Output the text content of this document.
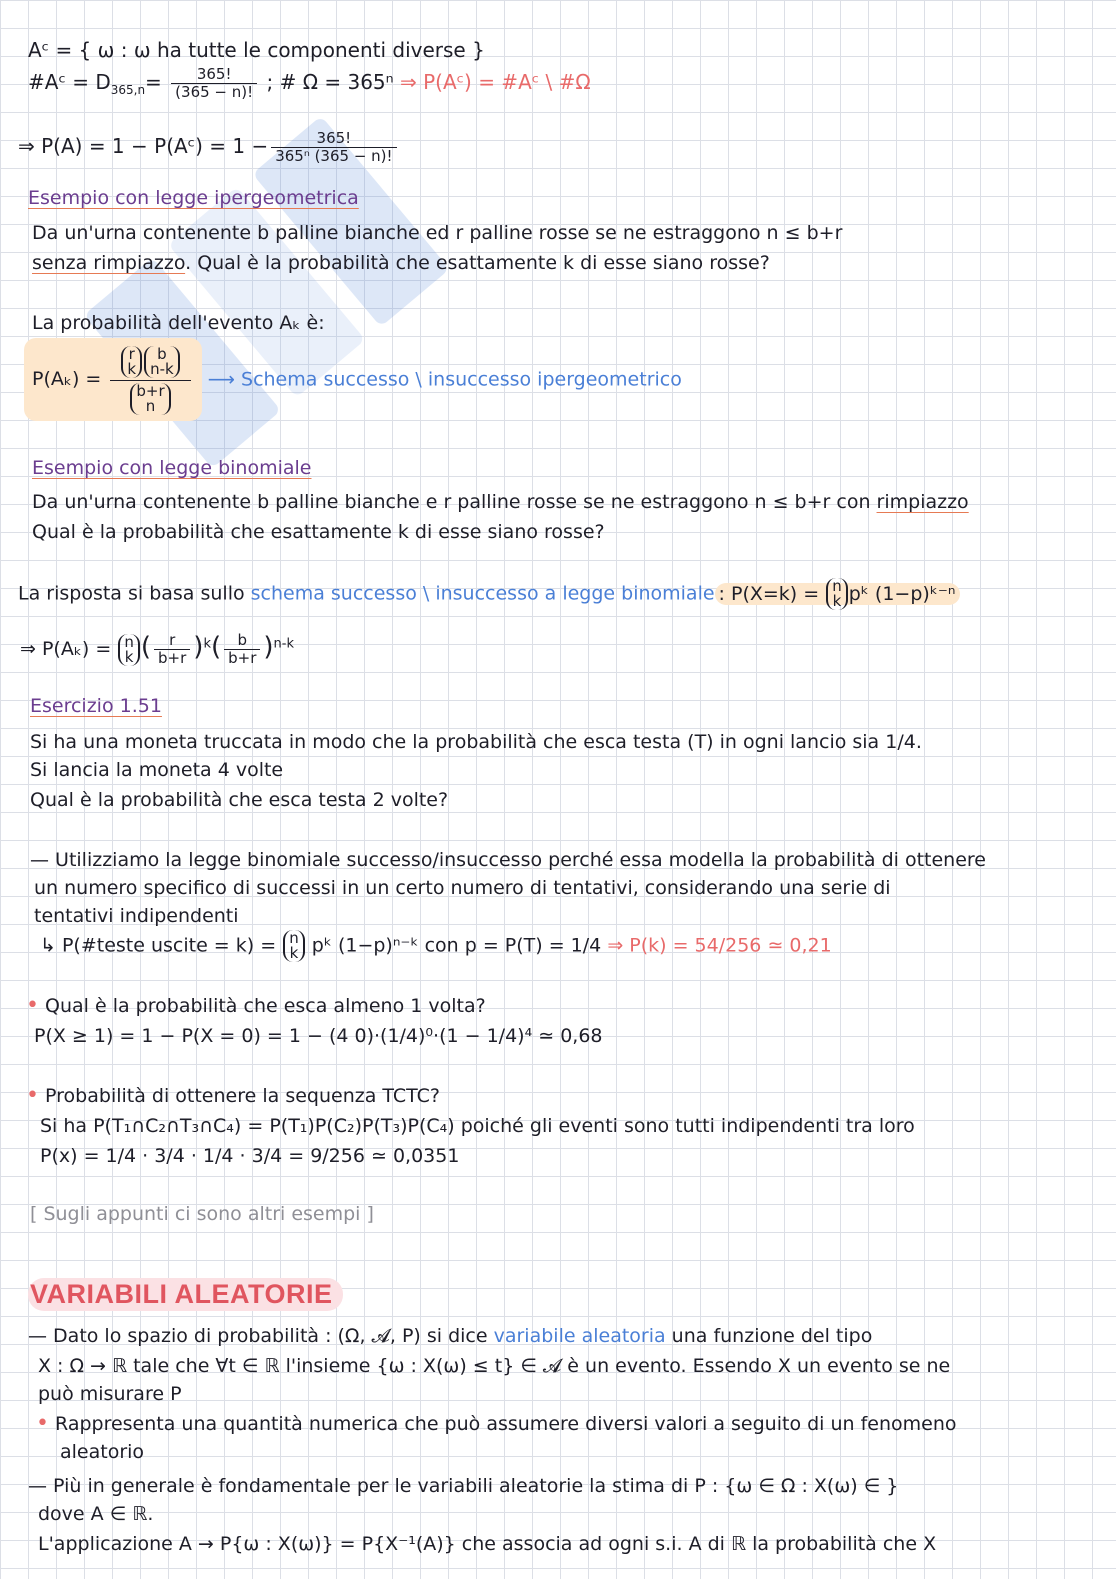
Aᶜ = { ω : ω ha tutte le componenti diverse }
#Aᶜ = $D_{365,n}= \frac{365!}{(365 - n)!}$ ; # Ω = 365ⁿ ⇒ P(Aᶜ) = #Aᶜ \ #Ω
⇒ P(A) = 1 − P(Aᶜ) = $1 - \frac{365!}{\text{365ⁿ (365 − n)!}}$
Esempio con legge ipergeometrica
Da un'urna contenente b palline bianche ed r palline rosse se ne estraggono n ≤ b+r
senza rimpiazzo. Qual è la probabilità che esattamente k di esse siano rosse?
La probabilità dell'evento Aₖ è:
P(Aₖ) = r
k
b
n-k
b+r
n ⟶ Schema successo \ insuccesso ipergeometrico
Esempio con legge binomiale
Da un'urna contenente b palline bianche e r palline rosse se ne estraggono n ≤ b+r con rimpiazzo
Qual è la probabilità che esattamente k di esse siano rosse?
La risposta si basa sullo schema successo \ insuccesso a legge binomiale : P(X=k) = n
k pᵏ (1−p)ᵏ⁻ⁿ
⇒ P(Aₖ) = n
k ( $\frac{r}{b+r} )^k( \frac{b}{b+r} )^{n-k}$
Esercizio 1.51
Si ha una moneta truccata in modo che la probabilità che esca testa (T) in ogni lancio sia 1/4.
Si lancia la moneta 4 volte
Qual è la probabilità che esca testa 2 volte?
— Utilizziamo la legge binomiale successo/insuccesso perché essa modella la probabilità di ottenere
un numero specifico di successi in un certo numero di tentativi, considerando una serie di
tentativi indipendenti
↳ P(#teste uscite = k) = n
k pᵏ (1−p)ⁿ⁻ᵏ con p = P(T) = 1/4 ⇒ P(k) = 54/256 ≃ 0,21
• Qual è la probabilità che esca almeno 1 volta?
P(X ≥ 1) = 1 − P(X = 0) = 1 − (4 0)·(1/4)⁰·(1 − 1/4)⁴ ≃ 0,68
• Probabilità di ottenere la sequenza TCTC?
Si ha P(T₁∩C₂∩T₃∩C₄) = P(T₁)P(C₂)P(T₃)P(C₄) poiché gli eventi sono tutti indipendenti tra loro
P(x) = 1/4 · 3/4 · 1/4 · 3/4 = 9/256 ≃ 0,0351
[ Sugli appunti ci sono altri esempi ]
VARIABILI ALEATORIE
— Dato lo spazio di probabilità : (Ω, 𝓐, P) si dice variabile aleatoria una funzione del tipo
X : Ω → ℝ tale che ∀t ∈ ℝ l'insieme {ω : X(ω) ≤ t} ∈ 𝓐 è un evento. Essendo X un evento se ne
può misurare P
• Rappresenta una quantità numerica che può assumere diversi valori a seguito di un fenomeno
aleatorio
— Più in generale è fondamentale per le variabili aleatorie la stima di P : {ω ∈ Ω : X(ω) ∈ }
dove A ∈ ℝ.
L'applicazione A → P{ω : X(ω)} = P{X⁻¹(A)} che associa ad ogni s.i. A di ℝ la probabilità che X
